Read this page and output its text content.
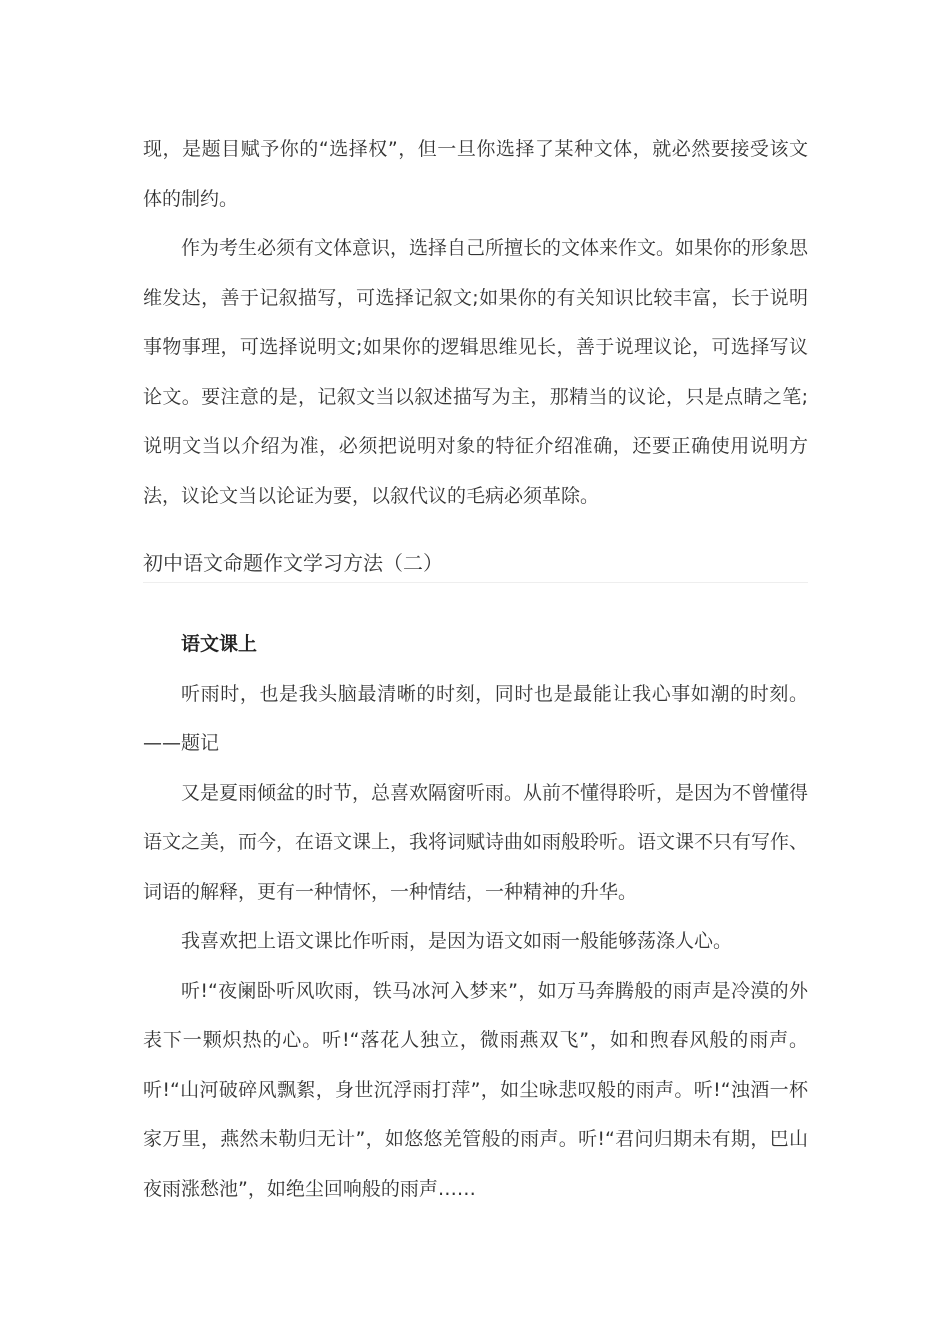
现，是题目赋予你的“选择权”，但一旦你选择了某种文体，就必然要接受该文体的制约。

作为考生必须有文体意识，选择自己所擅长的文体来作文。如果你的形象思维发达，善于记叙描写，可选择记叙文;如果你的有关知识比较丰富，长于说明事物事理，可选择说明文;如果你的逻辑思维见长，善于说理议论，可选择写议论文。要注意的是，记叙文当以叙述描写为主，那精当的议论，只是点睛之笔;说明文当以介绍为准，必须把说明对象的特征介绍准确，还要正确使用说明方法，议论文当以论证为要，以叙代议的毛病必须革除。

初中语文命题作文学习方法（二）
语文课上

听雨时，也是我头脑最清晰的时刻，同时也是最能让我心事如潮的时刻。——题记

又是夏雨倾盆的时节，总喜欢隔窗听雨。从前不懂得聆听，是因为不曾懂得语文之美，而今，在语文课上，我将词赋诗曲如雨般聆听。语文课不只有写作、词语的解释，更有一种情怀，一种情结，一种精神的升华。

我喜欢把上语文课比作听雨，是因为语文如雨一般能够荡涤人心。

听!“夜阑卧听风吹雨，铁马冰河入梦来”，如万马奔腾般的雨声是冷漠的外表下一颗炽热的心。听!“落花人独立，微雨燕双飞”，如和煦春风般的雨声。听!“山河破碎风飘絮，身世沉浮雨打萍”，如尘咏悲叹般的雨声。听!“浊酒一杯家万里，燕然未勒归无计”，如悠悠羌管般的雨声。听!“君问归期未有期，巴山夜雨涨愁池”，如绝尘回响般的雨声……
